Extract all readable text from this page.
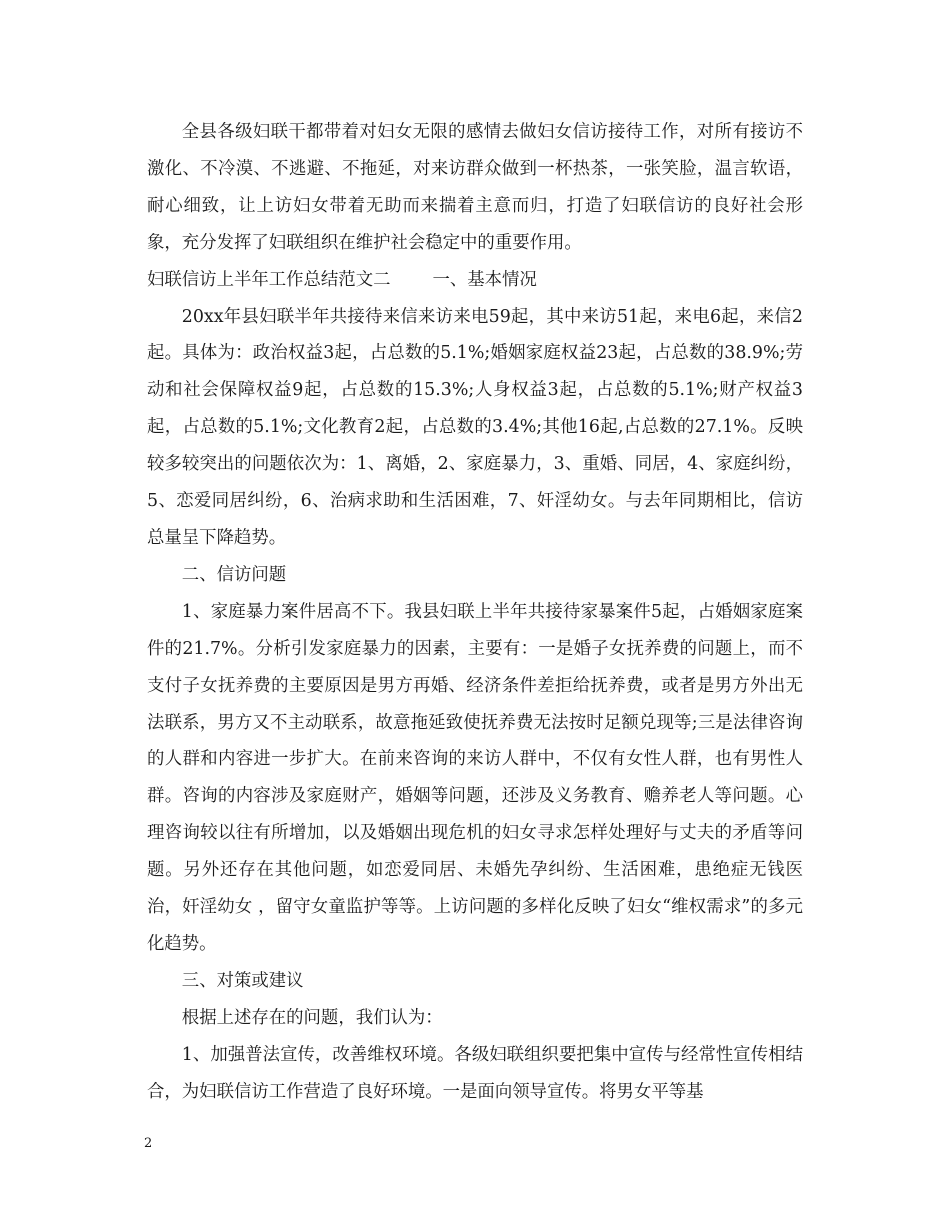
全县各级妇联干都带着对妇女无限的感情去做妇女信访接待工作，对所有接访不激化、不冷漠、不逃避、不拖延，对来访群众做到一杯热茶，一张笑脸，温言软语，耐心细致，让上访妇女带着无助而来揣着主意而归，打造了妇联信访的良好社会形象，充分发挥了妇联组织在维护社会稳定中的重要作用。

妇联信访上半年工作总结范文二 一、基本情况

20xx年县妇联半年共接待来信来访来电59起，其中来访51起，来电6起，来信2起。具体为：政治权益3起，占总数的5.1%;婚姻家庭权益23起，占总数的38.9%;劳动和社会保障权益9起，占总数的15.3%;人身权益3起，占总数的5.1%;财产权益3起，占总数的5.1%;文化教育2起，占总数的3.4%;其他16起,占总数的27.1%。反映较多较突出的问题依次为：1、离婚，2、家庭暴力，3、重婚、同居，4、家庭纠纷，5、恋爱同居纠纷，6、治病求助和生活困难，7、奸淫幼女。与去年同期相比，信访总量呈下降趋势。

二、信访问题

1、家庭暴力案件居高不下。我县妇联上半年共接待家暴案件5起，占婚姻家庭案件的21.7%。分析引发家庭暴力的因素，主要有：一是婚子女抚养费的问题上，而不支付子女抚养费的主要原因是男方再婚、经济条件差拒给抚养费，或者是男方外出无法联系，男方又不主动联系，故意拖延致使抚养费无法按时足额兑现等;三是法律咨询的人群和内容进一步扩大。在前来咨询的来访人群中，不仅有女性人群，也有男性人群。咨询的内容涉及家庭财产，婚姻等问题，还涉及义务教育、赡养老人等问题。心理咨询较以往有所增加，以及婚姻出现危机的妇女寻求怎样处理好与丈夫的矛盾等问题。另外还存在其他问题，如恋爱同居、未婚先孕纠纷、生活困难，患绝症无钱医治，奸淫幼女 ，留守女童监护等等。上访问题的多样化反映了妇女“维权需求”的多元化趋势。

三、对策或建议

根据上述存在的问题，我们认为：

1、加强普法宣传，改善维权环境。各级妇联组织要把集中宣传与经常性宣传相结合，为妇联信访工作营造了良好环境。一是面向领导宣传。将男女平等基

2
